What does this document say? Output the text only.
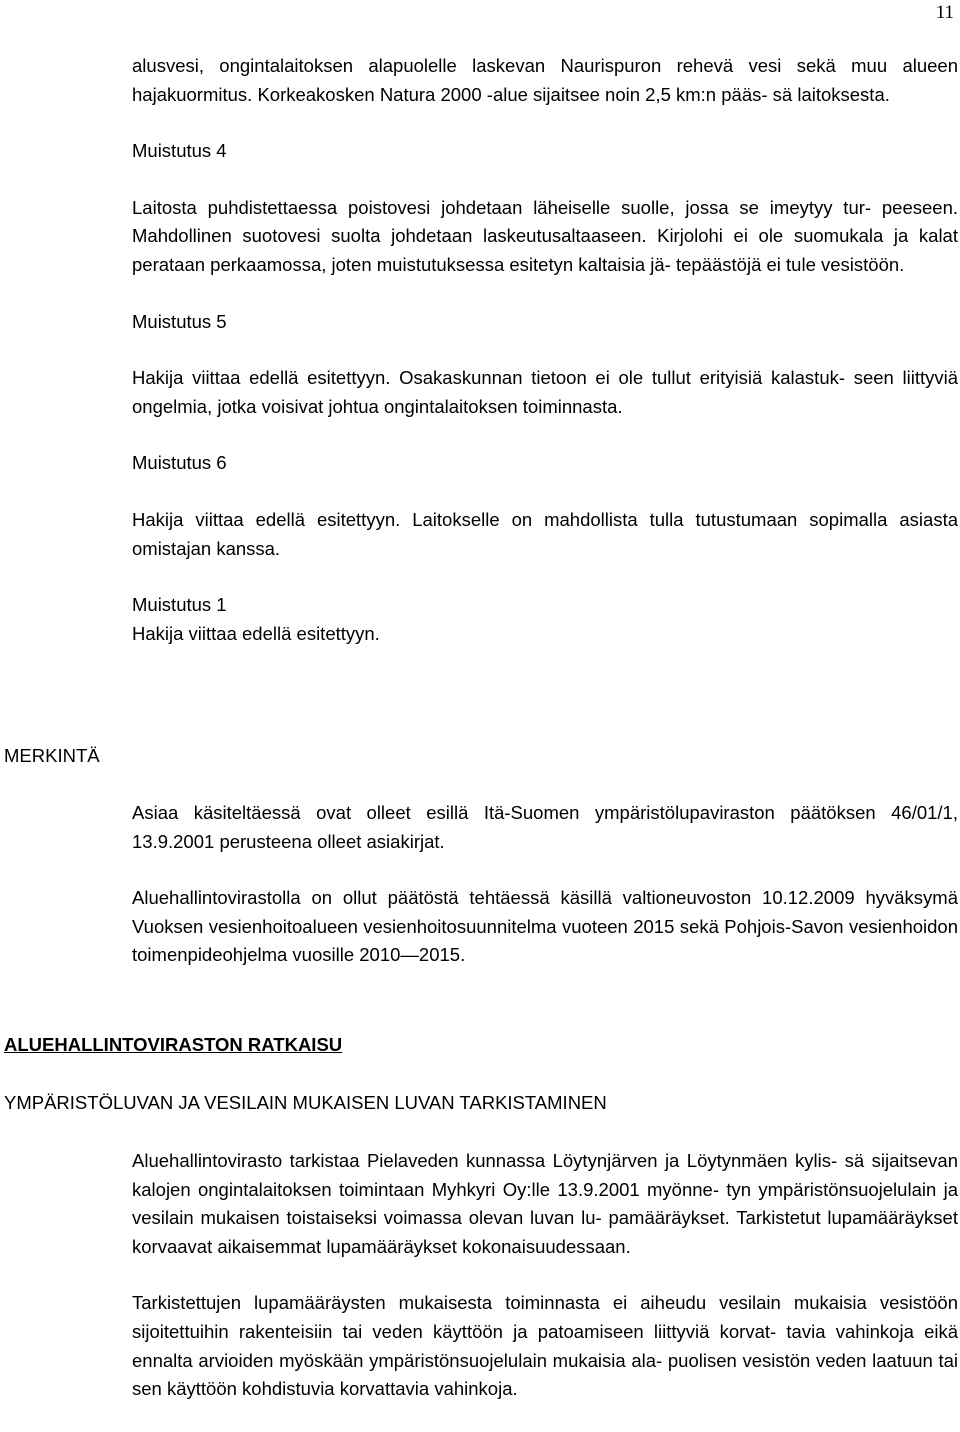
11

alusvesi, ongintalaitoksen alapuolelle laskevan Naurispuron rehevä vesi sekä muu alueen hajakuormitus. Korkeakosken Natura 2000 -alue sijaitsee noin 2,5 km:n pääs- sä laitoksesta.

Muistutus 4

Laitosta puhdistettaessa poistovesi johdetaan läheiselle suolle, jossa se imeytyy tur- peeseen. Mahdollinen suotovesi suolta johdetaan laskeutusaltaaseen. Kirjolohi ei ole suomukala ja kalat perataan perkaamossa, joten muistutuksessa esitetyn kaltaisia jä- tepäästöjä ei tule vesistöön.

Muistutus 5

Hakija viittaa edellä esitettyyn. Osakaskunnan tietoon ei ole tullut erityisiä kalastuk- seen liittyviä ongelmia, jotka voisivat johtua ongintalaitoksen toiminnasta.

Muistutus 6

Hakija viittaa edellä esitettyyn. Laitokselle on mahdollista tulla tutustumaan sopimalla asiasta omistajan kanssa.

Muistutus 1

Hakija viittaa edellä esitettyyn.

MERKINTÄ

Asiaa käsiteltäessä ovat olleet esillä Itä-Suomen ympäristölupaviraston päätöksen 46/01/1, 13.9.2001 perusteena olleet asiakirjat.

Aluehallintovirastolla on ollut päätöstä tehtäessä käsillä valtioneuvoston 10.12.2009 hyväksymä Vuoksen vesienhoitoalueen vesienhoitosuunnitelma vuoteen 2015 sekä Pohjois-Savon vesienhoidon toimenpideohjelma vuosille 2010—2015.

ALUEHALLINTOVIRASTON RATKAISU
YMPÄRISTÖLUVAN JA VESILAIN MUKAISEN LUVAN TARKISTAMINEN

Aluehallintovirasto tarkistaa Pielaveden kunnassa Löytynjärven ja Löytynmäen kylis- sä sijaitsevan kalojen ongintalaitoksen toimintaan Myhkyri Oy:lle 13.9.2001 myönne- tyn ympäristönsuojelulain ja vesilain mukaisen toistaiseksi voimassa olevan luvan lu- pamääräykset. Tarkistetut lupamääräykset korvaavat aikaisemmat lupamääräykset kokonaisuudessaan.

Tarkistettujen lupamääräysten mukaisesta toiminnasta ei aiheudu vesilain mukaisia vesistöön sijoitettuihin rakenteisiin tai veden käyttöön ja patoamiseen liittyviä korvat- tavia vahinkoja eikä ennalta arvioiden myöskään ympäristönsuojelulain mukaisia ala- puolisen vesistön veden laatuun tai sen käyttöön kohdistuvia korvattavia vahinkoja.
